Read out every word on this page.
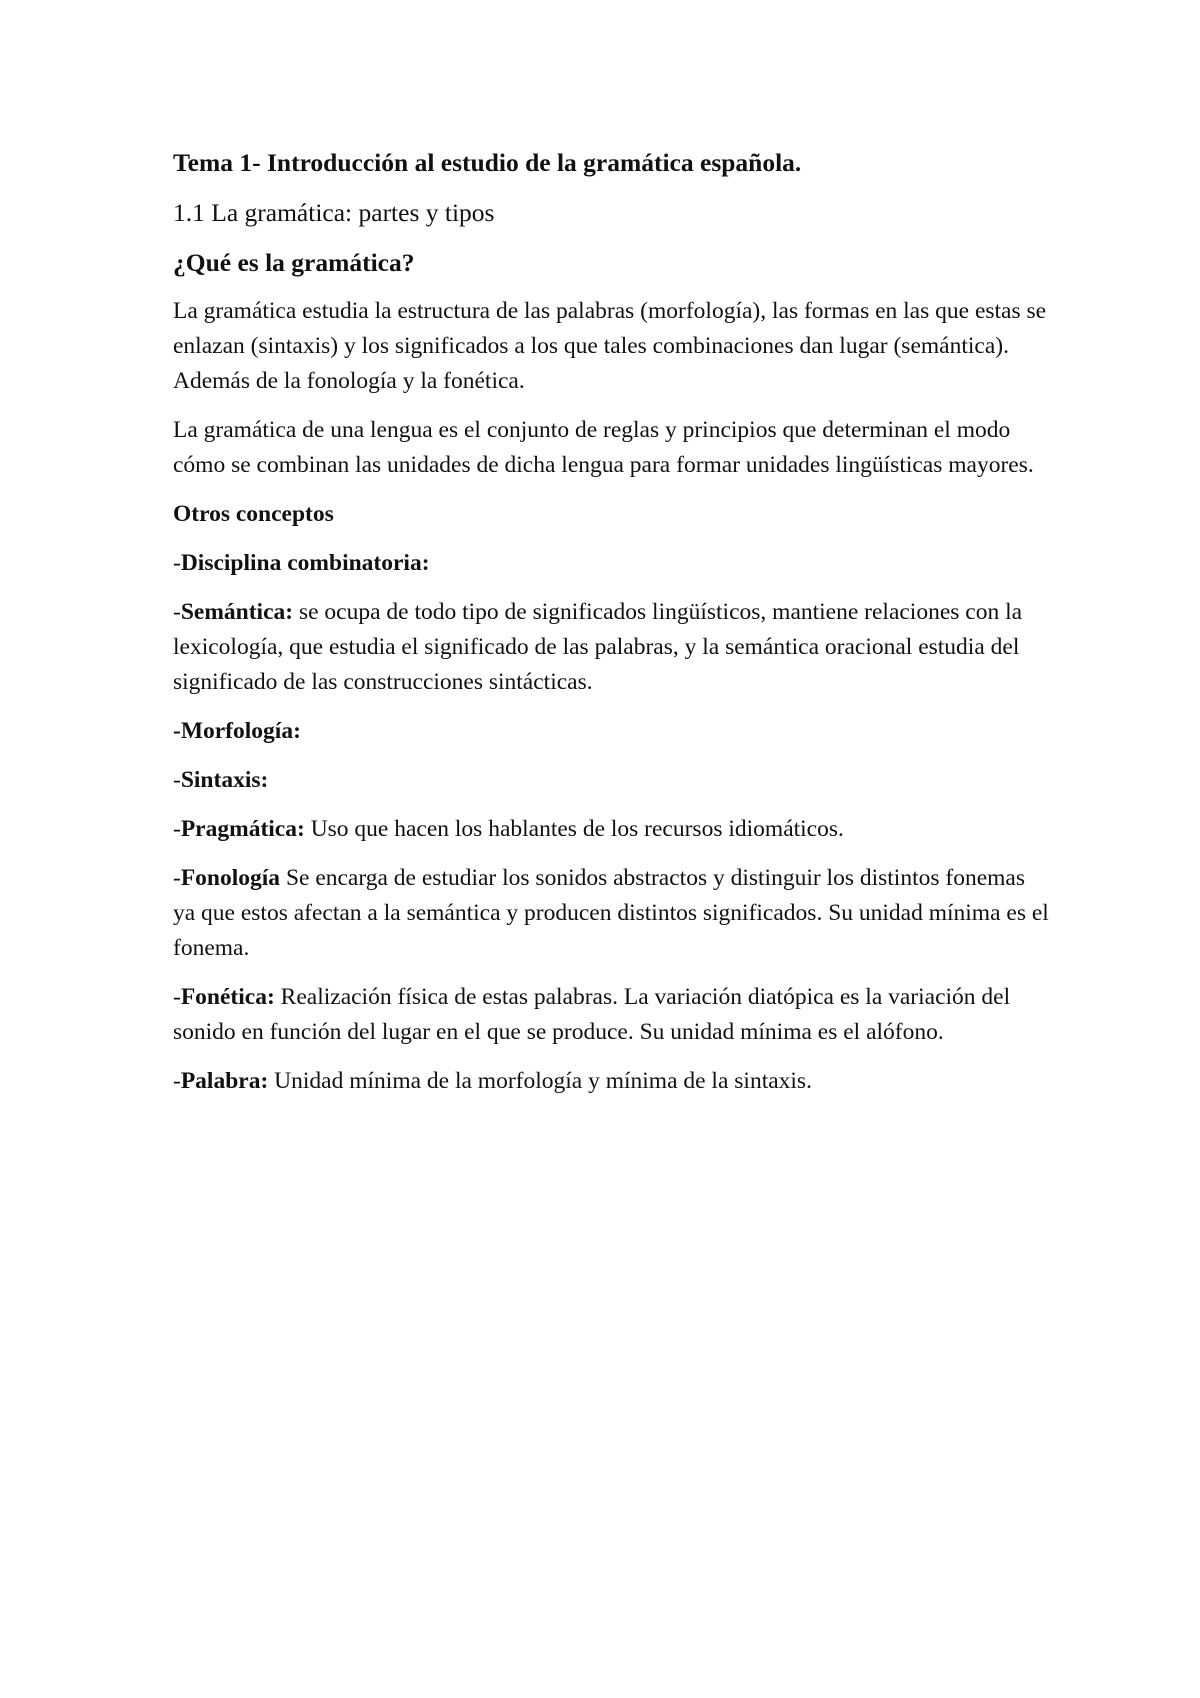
Tema 1- Introducción al estudio de la gramática española.
1.1 La gramática: partes y tipos
¿Qué es la gramática?

La gramática estudia la estructura de las palabras (morfología), las formas en las que estas se enlazan (sintaxis) y los significados a los que tales combinaciones dan lugar (semántica). Además de la fonología y la fonética.

La gramática de una lengua es el conjunto de reglas y principios que determinan el modo cómo se combinan las unidades de dicha lengua para formar unidades lingüísticas mayores.

Otros conceptos

-Disciplina combinatoria:

-Semántica: se ocupa de todo tipo de significados lingüísticos, mantiene relaciones con la lexicología, que estudia el significado de las palabras, y la semántica oracional estudia del significado de las construcciones sintácticas.

-Morfología:

-Sintaxis:

-Pragmática: Uso que hacen los hablantes de los recursos idiomáticos.

-Fonología Se encarga de estudiar los sonidos abstractos y distinguir los distintos fonemas ya que estos afectan a la semántica y producen distintos significados. Su unidad mínima es el fonema.

-Fonética: Realización física de estas palabras. La variación diatópica es la variación del sonido en función del lugar en el que se produce. Su unidad mínima es el alófono.

-Palabra: Unidad mínima de la morfología y mínima de la sintaxis.
